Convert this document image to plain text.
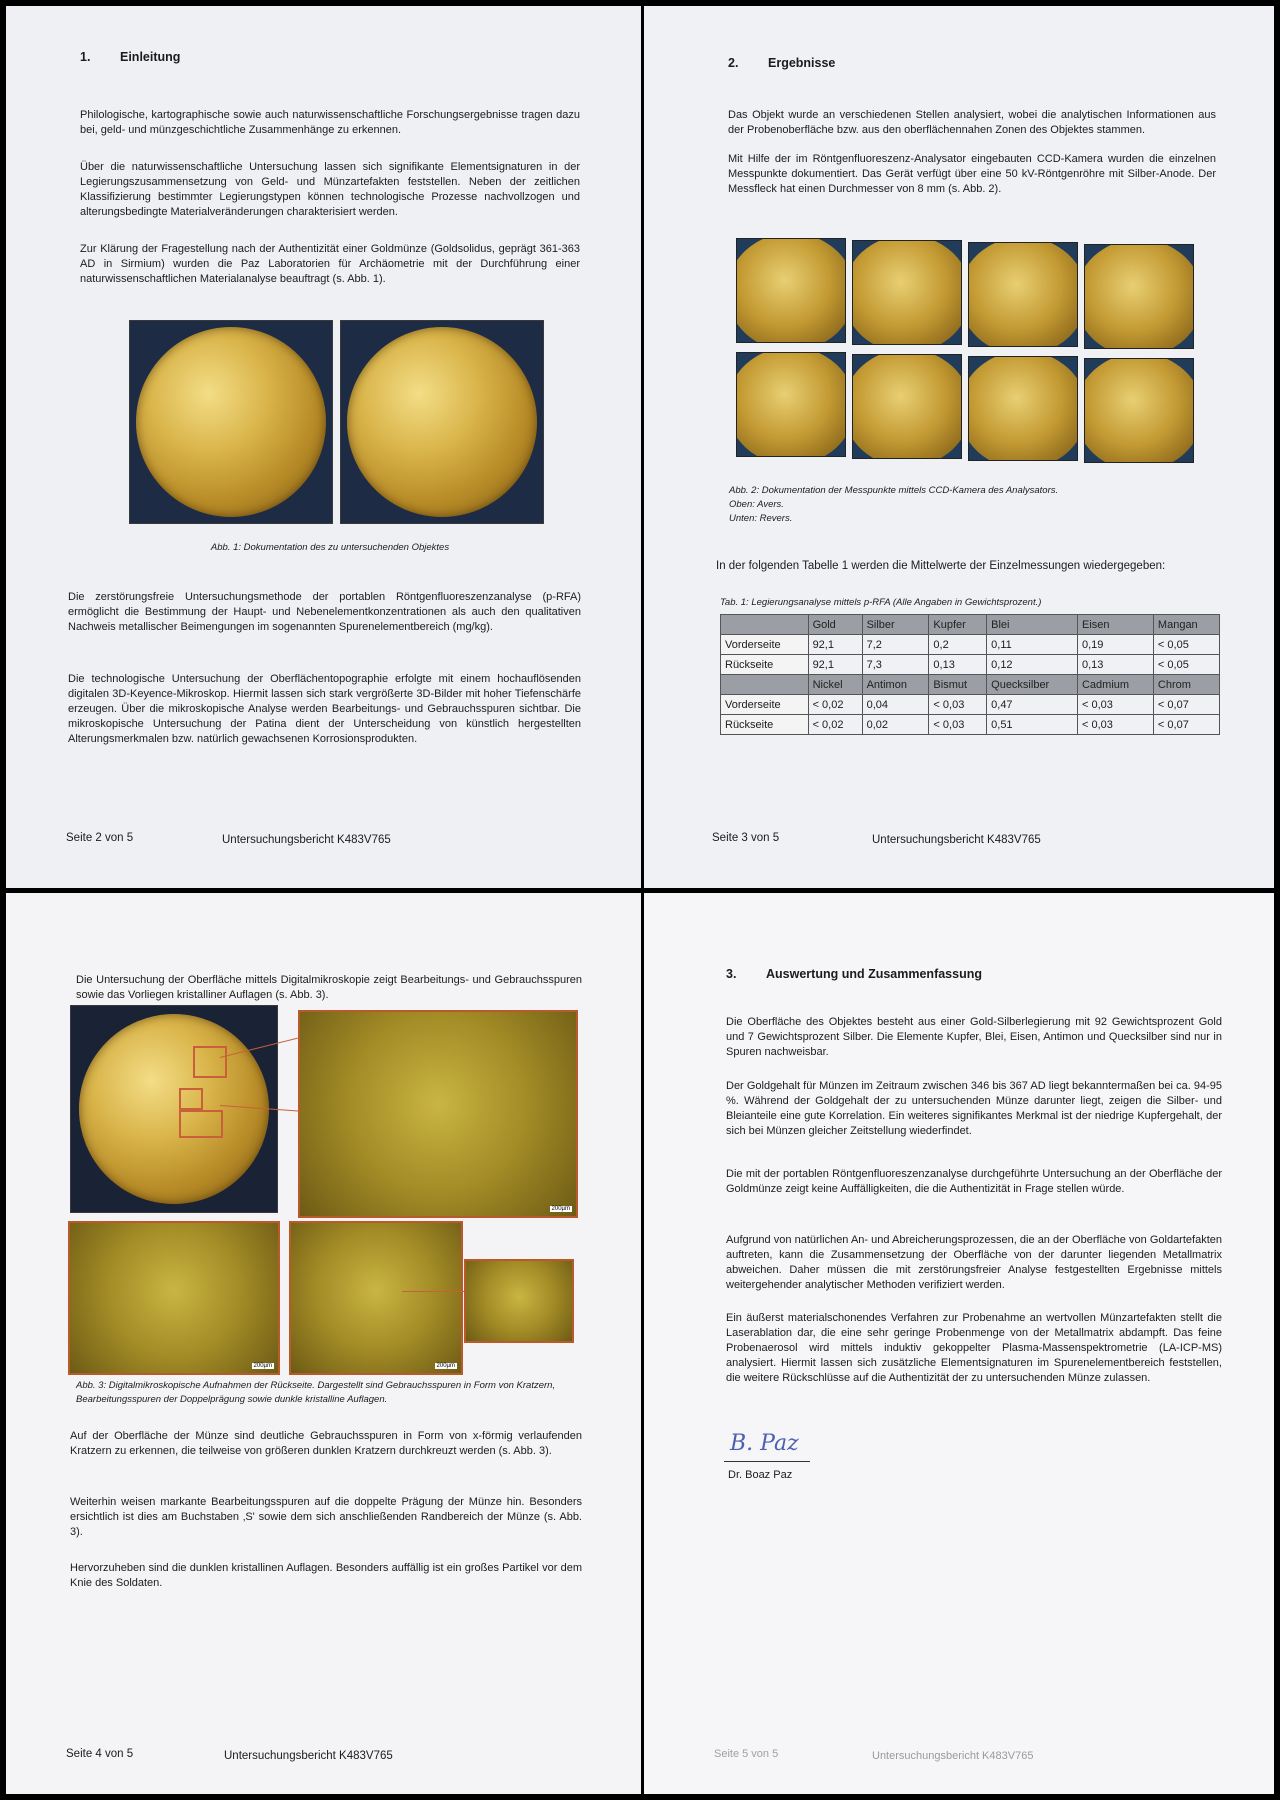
1. Einleitung
Philologische, kartographische sowie auch naturwissenschaftliche Forschungsergebnisse tragen dazu bei, geld- und münzgeschichtliche Zusammenhänge zu erkennen.
Über die naturwissenschaftliche Untersuchung lassen sich signifikante Elementsignaturen in der Legierungszusammensetzung von Geld- und Münzartefakten feststellen. Neben der zeitlichen Klassifizierung bestimmter Legierungstypen können technologische Prozesse nachvollzogen und alterungsbedingte Materialveränderungen charakterisiert werden.
Zur Klärung der Fragestellung nach der Authentizität einer Goldmünze (Goldsolidus, geprägt 361-363 AD in Sirmium) wurden die Paz Laboratorien für Archäometrie mit der Durchführung einer naturwissenschaftlichen Materialanalyse beauftragt (s. Abb. 1).
Abb. 1: Dokumentation des zu untersuchenden Objektes
Die zerstörungsfreie Untersuchungsmethode der portablen Röntgenfluoreszenzanalyse (p-RFA) ermöglicht die Bestimmung der Haupt- und Nebenelementkonzentrationen als auch den qualitativen Nachweis metallischer Beimengungen im sogenannten Spurenelementbereich (mg/kg).
Die technologische Untersuchung der Oberflächentopographie erfolgte mit einem hochauflösenden digitalen 3D-Keyence-Mikroskop. Hiermit lassen sich stark vergrößerte 3D-Bilder mit hoher Tiefenschärfe erzeugen. Über die mikroskopische Analyse werden Bearbeitungs- und Gebrauchsspuren sichtbar. Die mikroskopische Untersuchung der Patina dient der Unterscheidung von künstlich hergestellten Alterungsmerkmalen bzw. natürlich gewachsenen Korrosionsprodukten.
Seite 2 von 5	Untersuchungsbericht K483V765
2. Ergebnisse
Das Objekt wurde an verschiedenen Stellen analysiert, wobei die analytischen Informationen aus der Probenoberfläche bzw. aus den oberflächennahen Zonen des Objektes stammen.
Mit Hilfe der im Röntgenfluoreszenz-Analysator eingebauten CCD-Kamera wurden die einzelnen Messpunkte dokumentiert. Das Gerät verfügt über eine 50 kV-Röntgenröhre mit Silber-Anode. Der Messfleck hat einen Durchmesser von 8 mm (s. Abb. 2).
Abb. 2: Dokumentation der Messpunkte mittels CCD-Kamera des Analysators.
Oben: Avers.
Unten: Revers.
In der folgenden Tabelle 1 werden die Mittelwerte der Einzelmessungen wiedergegeben:
Tab. 1: Legierungsanalyse mittels p-RFA (Alle Angaben in Gewichtsprozent.)
	Gold	Silber	Kupfer	Blei	Eisen	Mangan
Vorderseite	92,1	7,2	0,2	0,11	0,19	< 0,05
Rückseite	92,1	7,3	0,13	0,12	0,13	< 0,05
	Nickel	Antimon	Bismut	Quecksilber	Cadmium	Chrom
Vorderseite	< 0,02	0,04	< 0,03	0,47	< 0,03	< 0,07
Rückseite	< 0,02	0,02	< 0,03	0,51	< 0,03	< 0,07
Seite 3 von 5	Untersuchungsbericht K483V765
Die Untersuchung der Oberfläche mittels Digitalmikroskopie zeigt Bearbeitungs- und Gebrauchsspuren sowie das Vorliegen kristalliner Auflagen (s. Abb. 3).
200µm
200µm	200µm
Abb. 3: Digitalmikroskopische Aufnahmen der Rückseite. Dargestellt sind Gebrauchsspuren in Form von Kratzern, Bearbeitungsspuren der Doppelprägung sowie dunkle kristalline Auflagen.
Auf der Oberfläche der Münze sind deutliche Gebrauchsspuren in Form von x-förmig verlaufenden Kratzern zu erkennen, die teilweise von größeren dunklen Kratzern durchkreuzt werden (s. Abb. 3).
Weiterhin weisen markante Bearbeitungsspuren auf die doppelte Prägung der Münze hin. Besonders ersichtlich ist dies am Buchstaben ‚S' sowie dem sich anschließenden Randbereich der Münze (s. Abb. 3).
Hervorzuheben sind die dunklen kristallinen Auflagen. Besonders auffällig ist ein großes Partikel vor dem Knie des Soldaten.
Seite 4 von 5	Untersuchungsbericht K483V765
3. Auswertung und Zusammenfassung
Die Oberfläche des Objektes besteht aus einer Gold-Silberlegierung mit 92 Gewichtsprozent Gold und 7 Gewichtsprozent Silber. Die Elemente Kupfer, Blei, Eisen, Antimon und Quecksilber sind nur in Spuren nachweisbar.
Der Goldgehalt für Münzen im Zeitraum zwischen 346 bis 367 AD liegt bekanntermaßen bei ca. 94-95 %. Während der Goldgehalt der zu untersuchenden Münze darunter liegt, zeigen die Silber- und Bleianteile eine gute Korrelation. Ein weiteres signifikantes Merkmal ist der niedrige Kupfergehalt, der sich bei Münzen gleicher Zeitstellung wiederfindet.
Die mit der portablen Röntgenfluoreszenzanalyse durchgeführte Untersuchung an der Oberfläche der Goldmünze zeigt keine Auffälligkeiten, die die Authentizität in Frage stellen würde.
Aufgrund von natürlichen An- und Abreicherungsprozessen, die an der Oberfläche von Goldartefakten auftreten, kann die Zusammensetzung der Oberfläche von der darunter liegenden Metallmatrix abweichen. Daher müssen die mit zerstörungsfreier Analyse festgestellten Ergebnisse mittels weitergehender analytischer Methoden verifiziert werden.
Ein äußerst materialschonendes Verfahren zur Probenahme an wertvollen Münzartefakten stellt die Laserablation dar, die eine sehr geringe Probenmenge von der Metallmatrix abdampft. Das feine Probenaerosol wird mittels induktiv gekoppelter Plasma-Massenspektrometrie (LA-ICP-MS) analysiert. Hiermit lassen sich zusätzliche Elementsignaturen im Spurenelementbereich feststellen, die weitere Rückschlüsse auf die Authentizität der zu untersuchenden Münze zulassen.
B. Paz
Dr. Boaz Paz
Seite 5 von 5	Untersuchungsbericht K483V765
